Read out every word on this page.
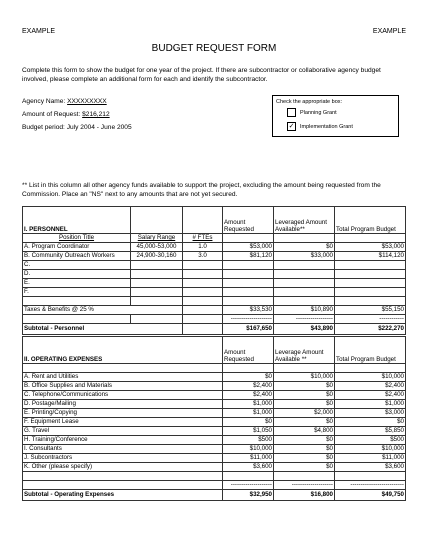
EXAMPLE	EXAMPLE
BUDGET REQUEST FORM
Complete this form to show the budget for one year of the project. If there are subcontractor or collaborative agency budget involved, please complete an additional form for each and identify the subcontractor.
Agency Name: XXXXXXXXX
Amount of Request: $216,212
Budget period: July 2004 - June 2005
Check the appropriate box:
Planning Grant
✓ Implementation Grant
** List in this column all other agency funds available to support the project, excluding the amount being requested from the Commission. Place an "NS" next to any amounts that are not yet secured.
I. PERSONNEL			Amount Requested	Leveraged Amount Available**	Total Program Budget
Position Title	Salary Range	# FTEs			
A. Program Coordinator	45,000-53,000	1.0	$53,000	$0	$53,000
B. Community Outreach Workers	24,900-30,160	3.0	$81,120	$33,000	$114,120
C.					
D.					
E.					
F.					

Taxes & Benefits @ 25 %			$33,530	$10,890	$55,150
			--------------------	------------------	------------
Subtotal - Personnel			$167,650	$43,890	$222,270
II. OPERATING EXPENSES	Amount Requested	Leverage Amount Available **	Total Program Budget

A. Rent and Utilities	$0	$10,000	$10,000
B. Office Supplies and Materials	$2,400	$0	$2,400
C. Telephone/Communications	$2,400	$0	$2,400
D. Postage/Mailing	$1,000	$0	$1,000
E. Printing/Copying	$1,000	$2,000	$3,000
F. Equipment Lease	$0	$0	$0
G. Travel	$1,050	$4,800	$5,850
H. Training/Conference	$500	$0	$500
I. Consultants	$10,000	$0	$10,000
J. Subcontractors	$11,000	$0	$11,000
K. Other (please specify)	$3,600	$0	$3,600

	--------------------	--------------------	--------------------------
Subtotal - Operating Expenses	$32,950	$16,800	$49,750
